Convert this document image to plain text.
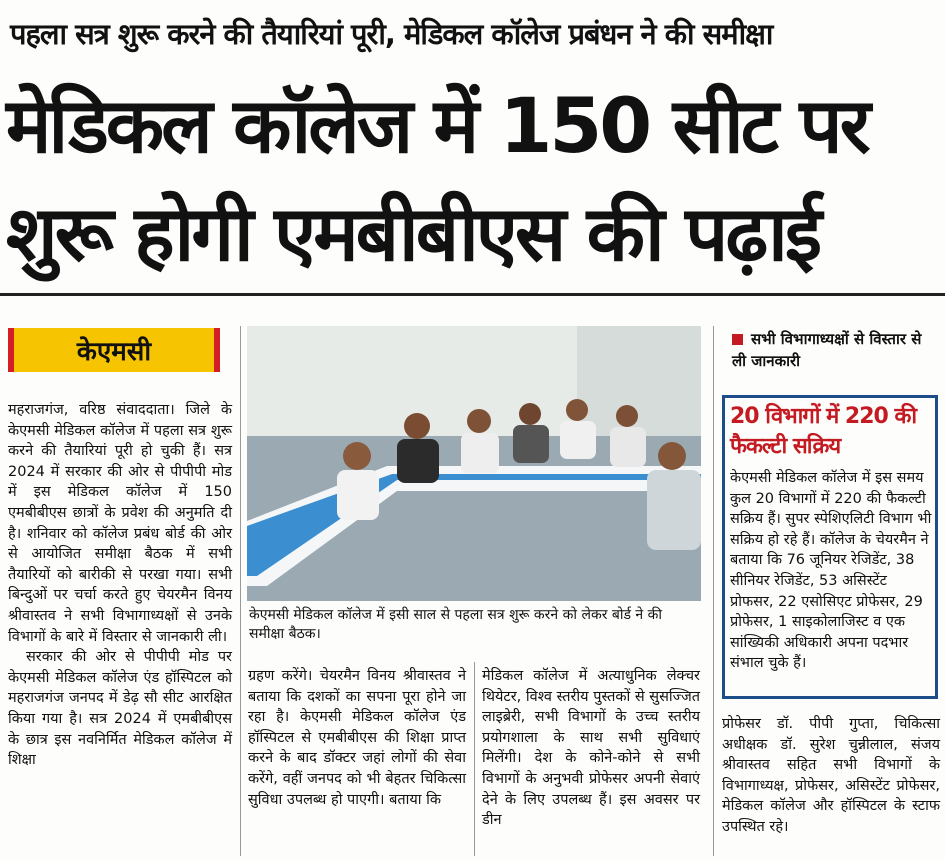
पहला सत्र शुरू करने की तैयारियां पूरी, मेडिकल कॉलेज प्रबंधन ने की समीक्षा
मेडिकल कॉलेज में 150 सीट पर
शुरू होगी एमबीबीएस की पढ़ाई
केएमसी

महराजगंज, वरिष्ठ संवाददाता। जिले के केएमसी मेडिकल कॉलेज में पहला सत्र शुरू करने की तैयारियां पूरी हो चुकी हैं। सत्र 2024 में सरकार की ओर से पीपीपी मोड में इस मेडिकल कॉलेज में 150 एमबीबीएस छात्रों के प्रवेश की अनुमति दी है। शनिवार को कॉलेज प्रबंध बोर्ड की ओर से आयोजित समीक्षा बैठक में सभी तैयारियों को बारीकी से परखा गया। सभी बिन्दुओं पर चर्चा करते हुए चेयरमैन विनय श्रीवास्तव ने सभी विभागाध्यक्षों से उनके विभागों के बारे में विस्तार से जानकारी ली।

सरकार की ओर से पीपीपी मोड पर केएमसी मेडिकल कॉलेज एंड हॉस्पिटल को महराजगंज जनपद में डेढ़ सौ सीट आरक्षित किया गया है। सत्र 2024 में एमबीबीएस के छात्र इस नवनिर्मित मेडिकल कॉलेज में शिक्षा

केएमसी मेडिकल कॉलेज में इसी साल से पहला सत्र शुरू करने को लेकर बोर्ड ने की समीक्षा बैठक।
ग्रहण करेंगे। चेयरमैन विनय श्रीवास्तव ने बताया कि दशकों का सपना पूरा होने जा रहा है। केएमसी मेडिकल कॉलेज एंड हॉस्पिटल से एमबीबीएस की शिक्षा प्राप्त करने के बाद डॉक्टर जहां लोगों की सेवा करेंगे, वहीं जनपद को भी बेहतर चिकित्सा सुविधा उपलब्ध हो पाएगी। बताया कि
मेडिकल कॉलेज में अत्याधुनिक लेक्चर थियेटर, विश्व स्तरीय पुस्तकों से सुसज्जित लाइब्रेरी, सभी विभागों के उच्च स्तरीय प्रयोगशाला के साथ सभी सुविधाएं मिलेंगी। देश के कोने-कोने से सभी विभागों के अनुभवी प्रोफेसर अपनी सेवाएं देने के लिए उपलब्ध हैं। इस अवसर पर डीन
सभी विभागाध्यक्षों से विस्तार से ली जानकारी
20 विभागों में 220 की फैकल्टी सक्रिय
केएमसी मेडिकल कॉलेज में इस समय कुल 20 विभागों में 220 की फैकल्टी सक्रिय हैं। सुपर स्पेशिएलिटी विभाग भी सक्रिय हो रहे हैं। कॉलेज के चेयरमैन ने बताया कि 76 जूनियर रेजिडेंट, 38 सीनियर रेजिडेंट, 53 असिस्टेंट प्रोफसर, 22 एसोसिएट प्रोफेसर, 29 प्रोफेसर, 1 साइकोलाजिस्ट व एक सांख्यिकी अधिकारी अपना पदभार संभाल चुके हैं।
प्रोफेसर डॉ. पीपी गुप्ता, चिकित्सा अधीक्षक डॉ. सुरेश चुन्नीलाल, संजय श्रीवास्तव सहित सभी विभागों के विभागाध्यक्ष, प्रोफेसर, असिस्टेंट प्रोफेसर, मेडिकल कॉलेज और हॉस्पिटल के स्टाफ उपस्थित रहे।
